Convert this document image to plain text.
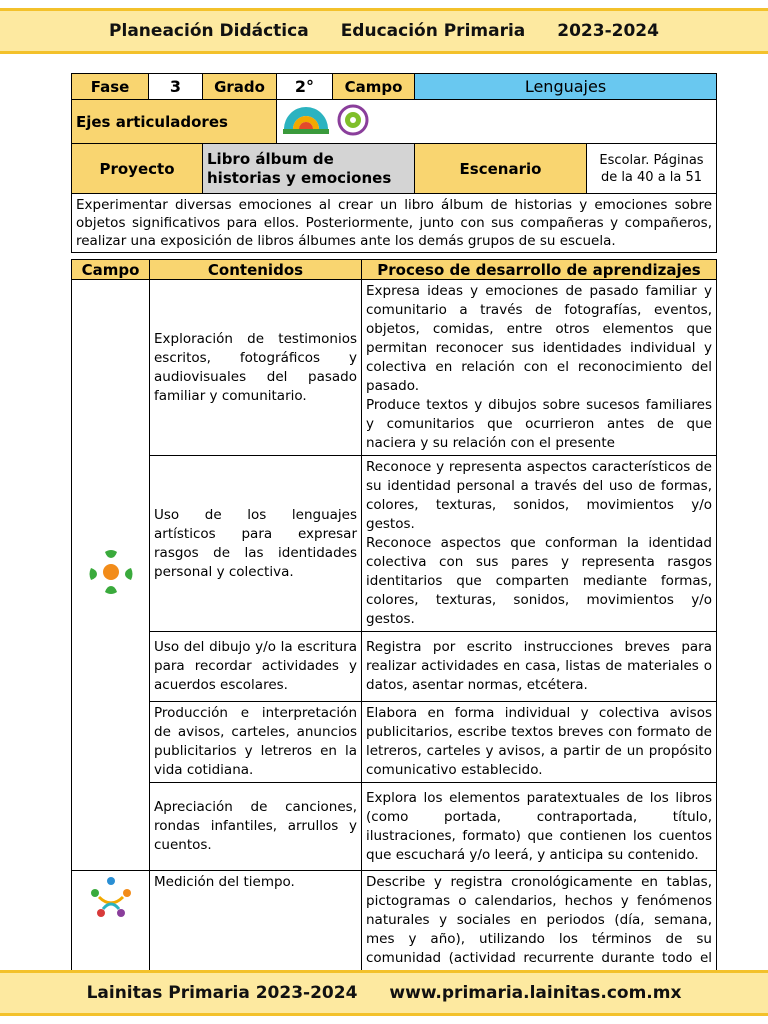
Planeación Didáctica Educación Primaria 2023-2024
Fase	3	Grado	2°	Campo	Lenguajes	
Ejes articuladores	
Proyecto		Libro álbum de historias y emociones			Escenario	Escolar. Páginas de la 40 a la 51
Experimentar diversas emociones al crear un libro álbum de historias y emociones sobre objetos significativos para ellos. Posteriormente, junto con sus compañeras y compañeros, realizar una exposición de libros álbumes ante los demás grupos de su escuela.						
Campo	Contenidos	Proceso de desarrollo de aprendizajes
	Exploración de testimonios escritos, fotográficos y audiovisuales del pasado familiar y comunitario.	Expresa ideas y emociones de pasado familiar y comunitario a través de fotografías, eventos, objetos, comidas, entre otros elementos que permitan reconocer sus identidades individual y colectiva en relación con el reconocimiento del pasado.
Produce textos y dibujos sobre sucesos familiares y comunitarios que ocurrieron antes de que naciera y su relación con el presente
	Uso de los lenguajes artísticos para expresar rasgos de las identidades personal y colectiva.	Reconoce y representa aspectos característicos de su identidad personal a través del uso de formas, colores, texturas, sonidos, movimientos y/o gestos.
Reconoce aspectos que conforman la identidad colectiva con sus pares y representa rasgos identitarios que comparten mediante formas, colores, texturas, sonidos, movimientos y/o gestos.
	Uso del dibujo y/o la escritura para recordar actividades y acuerdos escolares.	Registra por escrito instrucciones breves para realizar actividades en casa, listas de materiales o datos, asentar normas, etcétera.
	Producción e interpretación de avisos, carteles, anuncios publicitarios y letreros en la vida cotidiana.	Elabora en forma individual y colectiva avisos publicitarios, escribe textos breves con formato de letreros, carteles y avisos, a partir de un propósito comunicativo establecido.
	Apreciación de canciones, rondas infantiles, arrullos y cuentos.	Explora los elementos paratextuales de los libros (como portada, contraportada, título, ilustraciones, formato) que contienen los cuentos que escuchará y/o leerá, y anticipa su contenido.
	Medición del tiempo.	Describe y registra cronológicamente en tablas, pictogramas o calendarios, hechos y fenómenos naturales y sociales en periodos (día, semana, mes y año), utilizando los términos de su comunidad (actividad recurrente durante todo el
Lainitas Primaria 2023-2024 www.primaria.lainitas.com.mx
